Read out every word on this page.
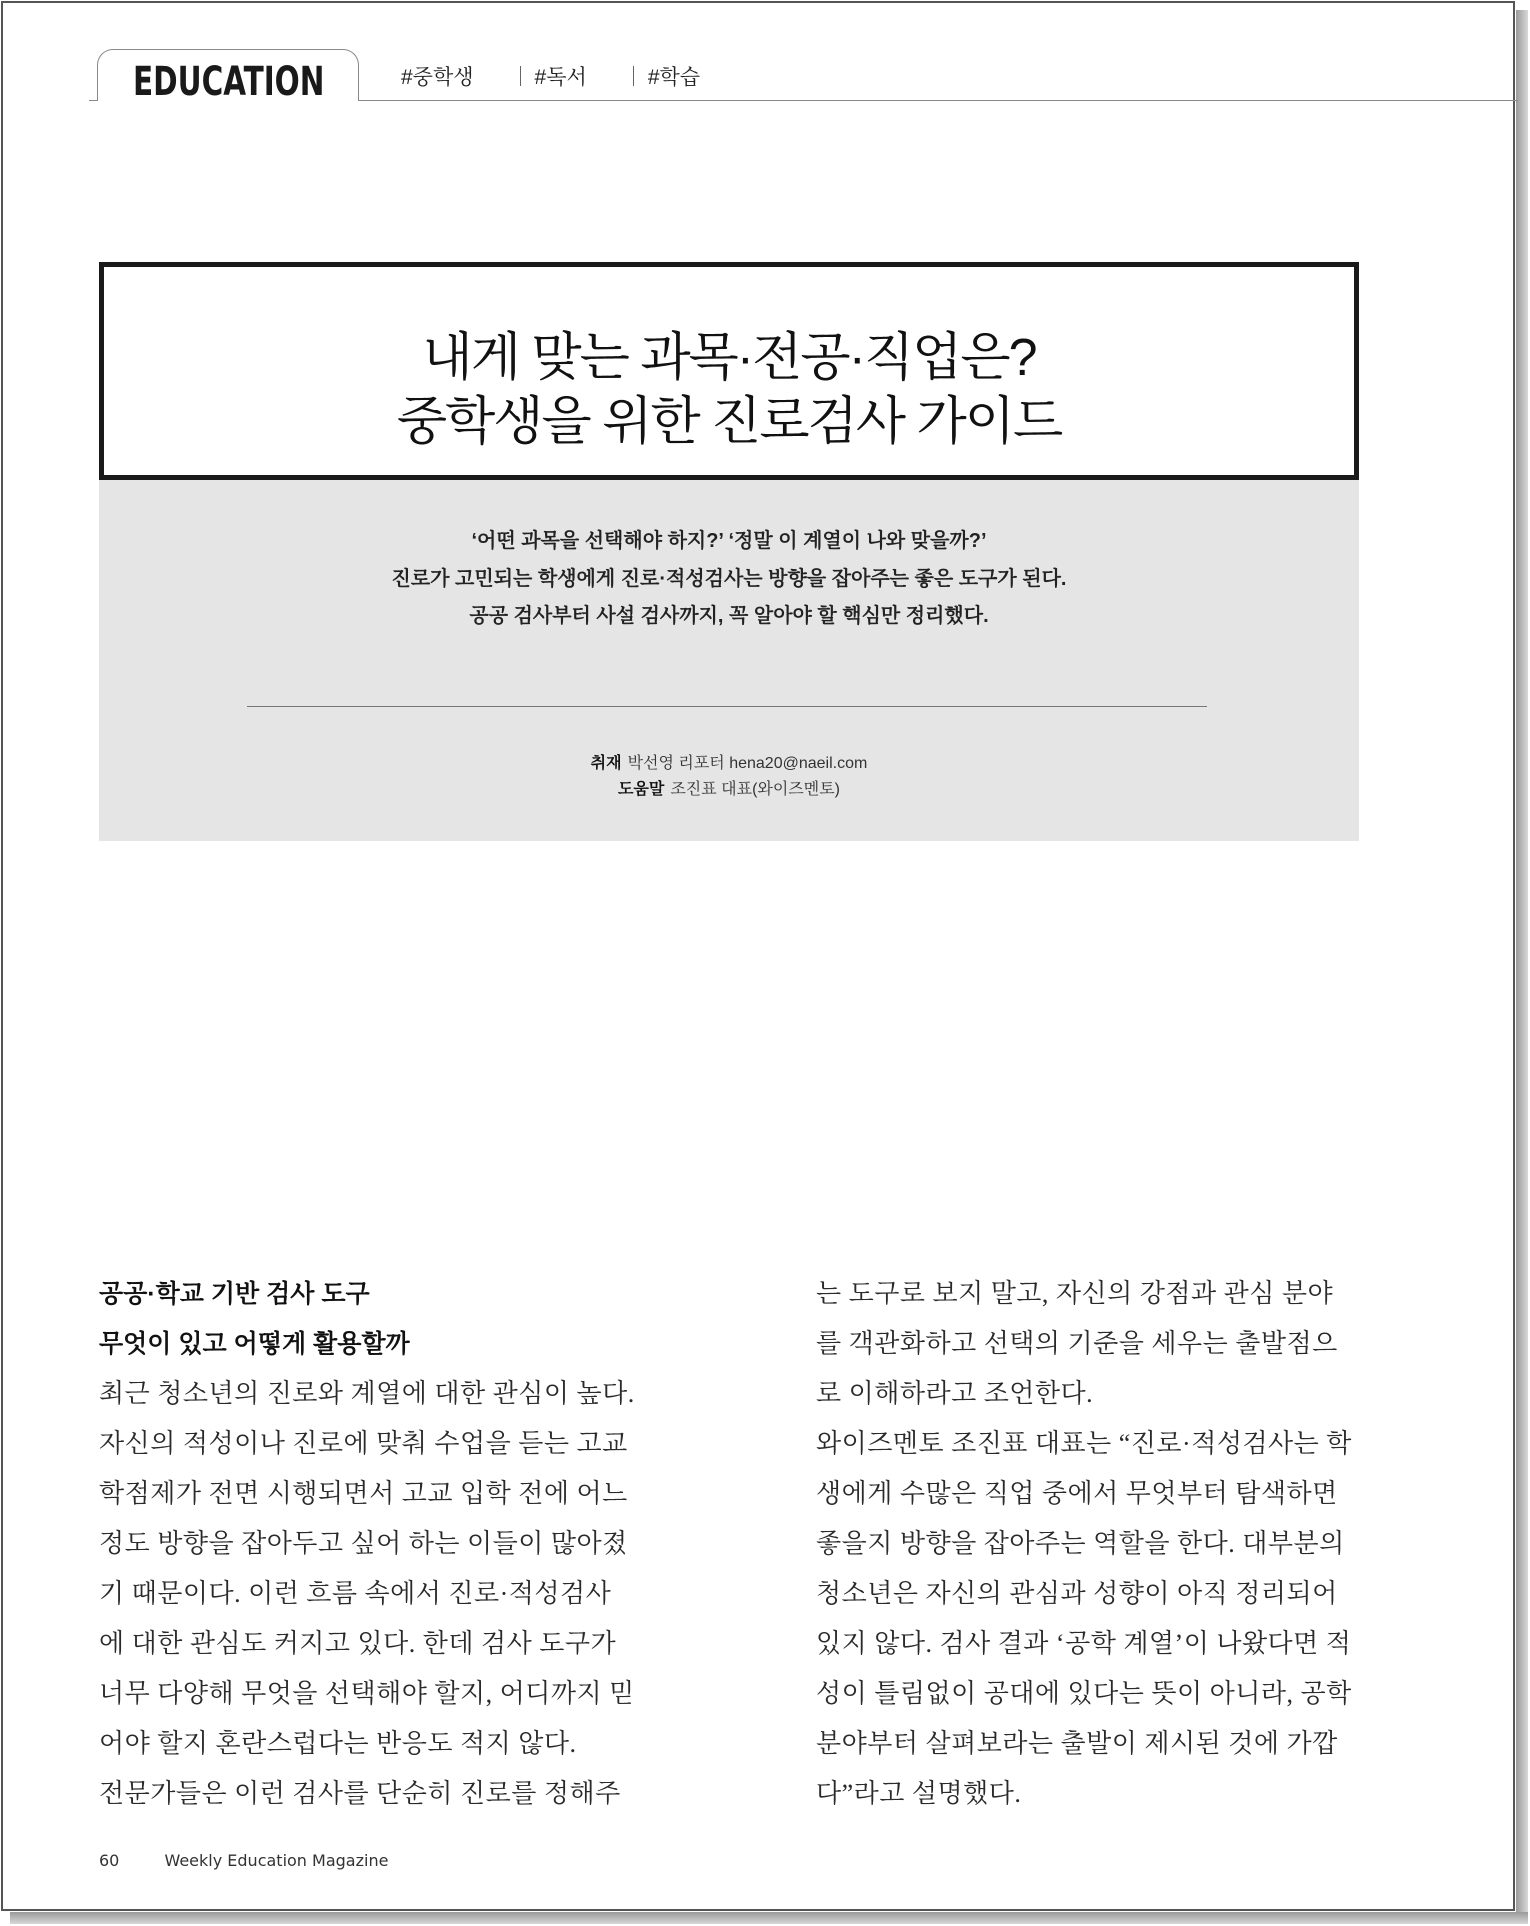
EDUCATION	#중학생	#독서	#학습
내게 맞는 과목·전공·직업은?
중학생을 위한 진로검사 가이드
‘어떤 과목을 선택해야 하지?’ ‘정말 이 계열이 나와 맞을까?’
진로가 고민되는 학생에게 진로·적성검사는 방향을 잡아주는 좋은 도구가 된다.
공공 검사부터 사설 검사까지, 꼭 알아야 할 핵심만 정리했다.
취재 박선영 리포터 hena20@naeil.com
도움말 조진표 대표(와이즈멘토)
공공·학교 기반 검사 도구
무엇이 있고 어떻게 활용할까
최근 청소년의 진로와 계열에 대한 관심이 높다.
자신의 적성이나 진로에 맞춰 수업을 듣는 고교
학점제가 전면 시행되면서 고교 입학 전에 어느
정도 방향을 잡아두고 싶어 하는 이들이 많아졌
기 때문이다. 이런 흐름 속에서 진로·적성검사
에 대한 관심도 커지고 있다. 한데 검사 도구가
너무 다양해 무엇을 선택해야 할지, 어디까지 믿
어야 할지 혼란스럽다는 반응도 적지 않다.
전문가들은 이런 검사를 단순히 진로를 정해주
는 도구로 보지 말고, 자신의 강점과 관심 분야
를 객관화하고 선택의 기준을 세우는 출발점으
로 이해하라고 조언한다.
와이즈멘토 조진표 대표는 “진로·적성검사는 학
생에게 수많은 직업 중에서 무엇부터 탐색하면
좋을지 방향을 잡아주는 역할을 한다. 대부분의
청소년은 자신의 관심과 성향이 아직 정리되어
있지 않다. 검사 결과 ‘공학 계열’이 나왔다면 적
성이 틀림없이 공대에 있다는 뜻이 아니라, 공학
분야부터 살펴보라는 출발이 제시된 것에 가깝
다”라고 설명했다.
60	Weekly Education Magazine
